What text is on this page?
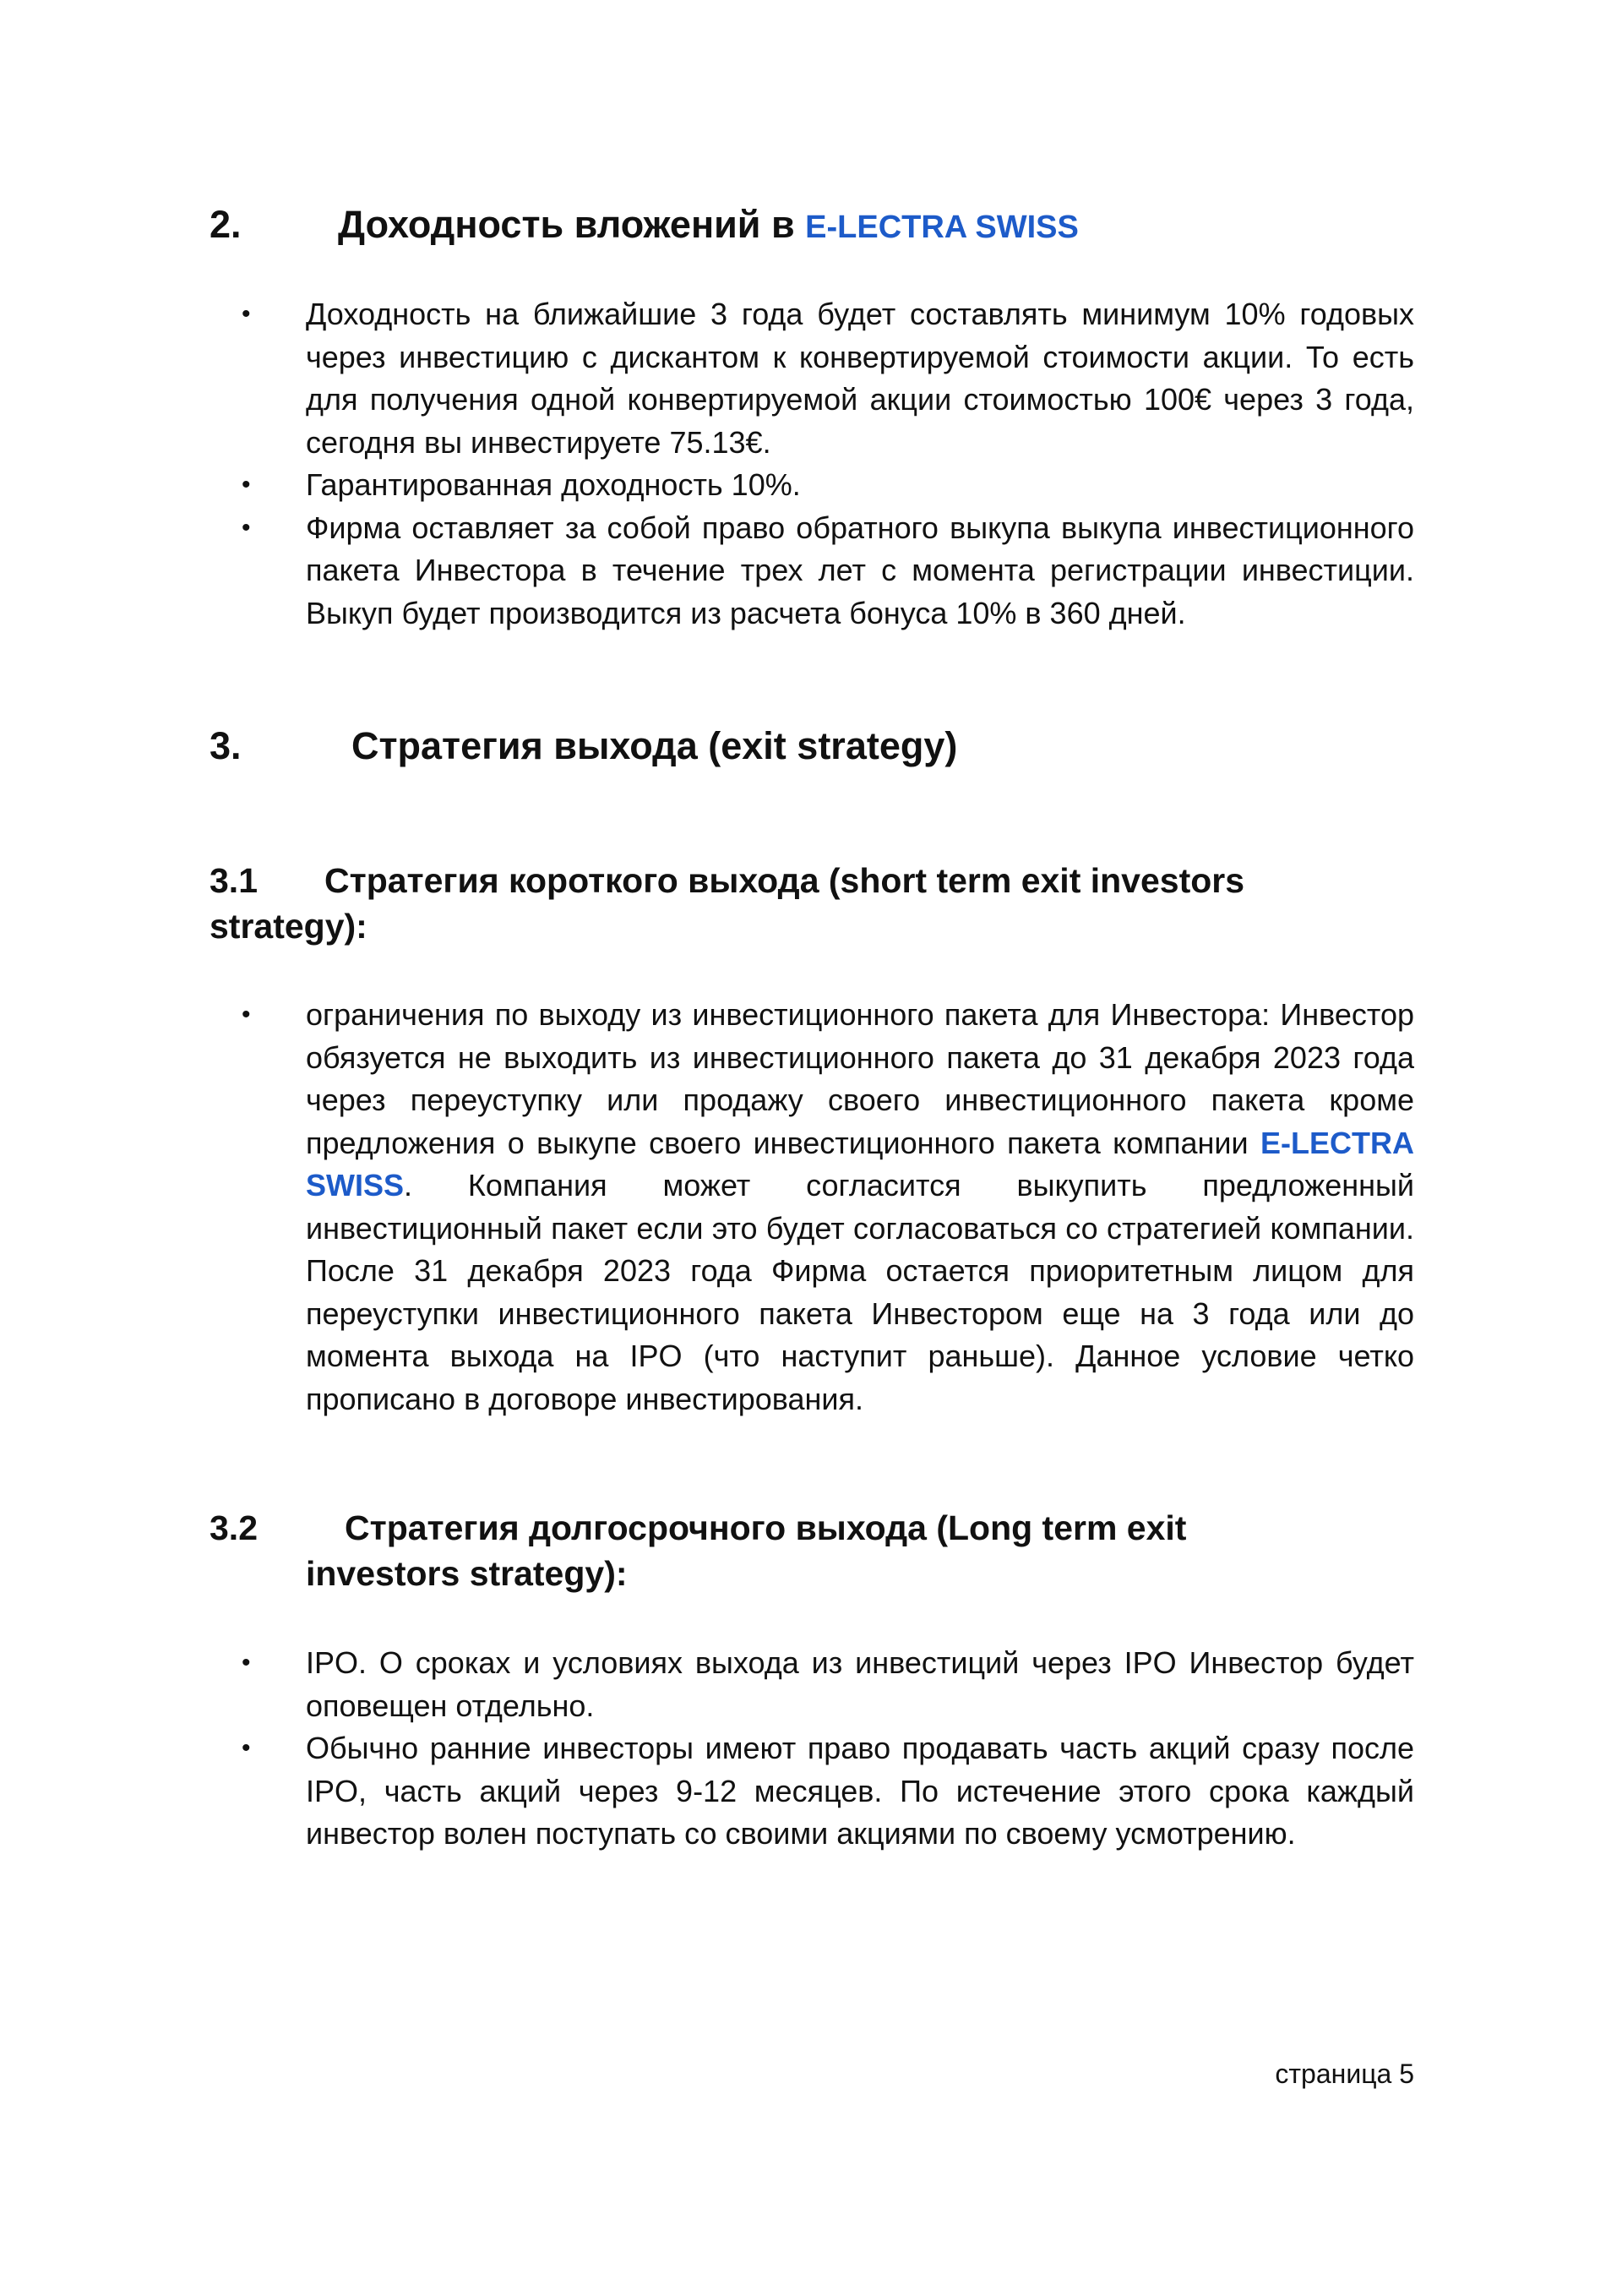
2.	Доходность вложений в E-LECTRA SWISS
• Доходность на ближайшие 3 года будет составлять минимум 10% годовых через инвестицию с дискантом к конвертируемой стоимости акции. То есть для получения одной конвертируемой акции стоимостью 100€ через 3 года, сегодня вы инвестируете 75.13€.
• Гарантированная доходность 10%.
• Фирма оставляет за собой право обратного выкупа выкупа инвестиционного пакета Инвестора в течение трех лет с момента регистрации инвестиции. Выкуп будет производится из расчета бонуса 10% в 360 дней.
3.	Стратегия выхода (exit strategy)
3.1 Стратегия короткого выхода (short term exit investors
strategy):
• ограничения по выходу из инвестиционного пакета для Инвестора: Инвестор обязуется не выходить из инвестиционного пакета до 31 декабря 2023 года через переуступку или продажу своего инвестиционного пакета кроме предложения о выкупе своего инвестиционного пакета компании E-LECTRA SWISS. Компания может согласится выкупить предложенный инвестиционный пакет если это будет согласоваться со стратегией компании. После 31 декабря 2023 года Фирма остается приоритетным лицом для переуступки инвестиционного пакета Инвестором еще на 3 года или до момента выхода на IPO (что наступит раньше). Данное условие четко прописано в договоре инвестирования.
3.2	Стратегия долгосрочного выхода (Long term exit
investors strategy):
• IPO. О сроках и условиях выхода из инвестиций через IPO Инвестор будет оповещен отдельно.
• Обычно ранние инвесторы имеют право продавать часть акций сразу после IPO, часть акций через 9-12 месяцев. По истечение этого срока каждый инвестор волен поступать со своими акциями по своему усмотрению.
страница 5
